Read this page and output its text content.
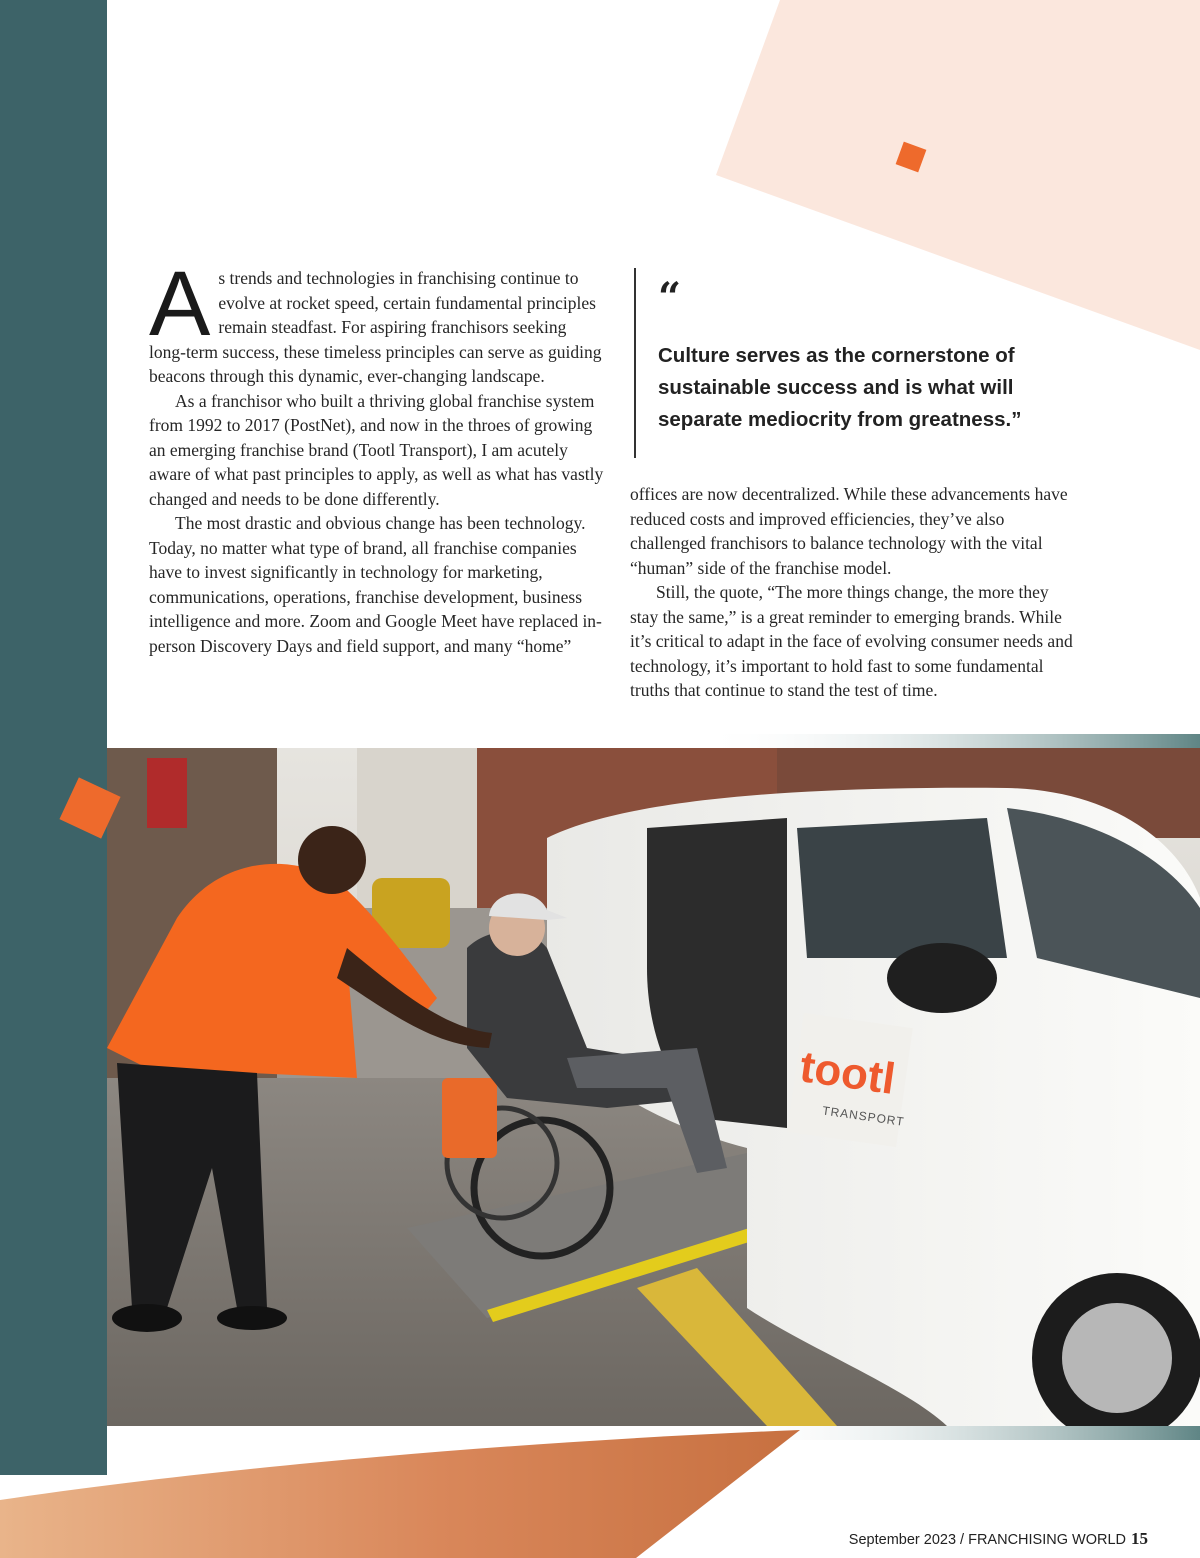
As trends and technologies in franchising continue to evolve at rocket speed, certain fundamental principles remain steadfast. For aspiring franchisors seeking long-term success, these timeless principles can serve as guiding beacons through this dynamic, ever-changing landscape.

As a franchisor who built a thriving global franchise system from 1992 to 2017 (PostNet), and now in the throes of growing an emerging franchise brand (Tootl Transport), I am acutely aware of what past principles to apply, as well as what has vastly changed and needs to be done differently.

The most drastic and obvious change has been technology. Today, no matter what type of brand, all franchise companies have to invest significantly in technology for marketing, communications, operations, franchise development, business intelligence and more. Zoom and Google Meet have replaced in-person Discovery Days and field support, and many “home”

“
Culture serves as the cornerstone of sustainable success and is what will separate mediocrity from greatness.”

offices are now decentralized. While these advancements have reduced costs and improved efficiencies, they’ve also challenged franchisors to balance technology with the vital “human” side of the franchise model.

Still, the quote, “The more things change, the more they stay the same,” is a great reminder to emerging brands. While it’s critical to adapt in the face of evolving consumer needs and technology, it’s important to hold fast to some fundamental truths that continue to stand the test of time.

tootl
TRANSPORT
September 2023 / FRANCHISING WORLD 15
